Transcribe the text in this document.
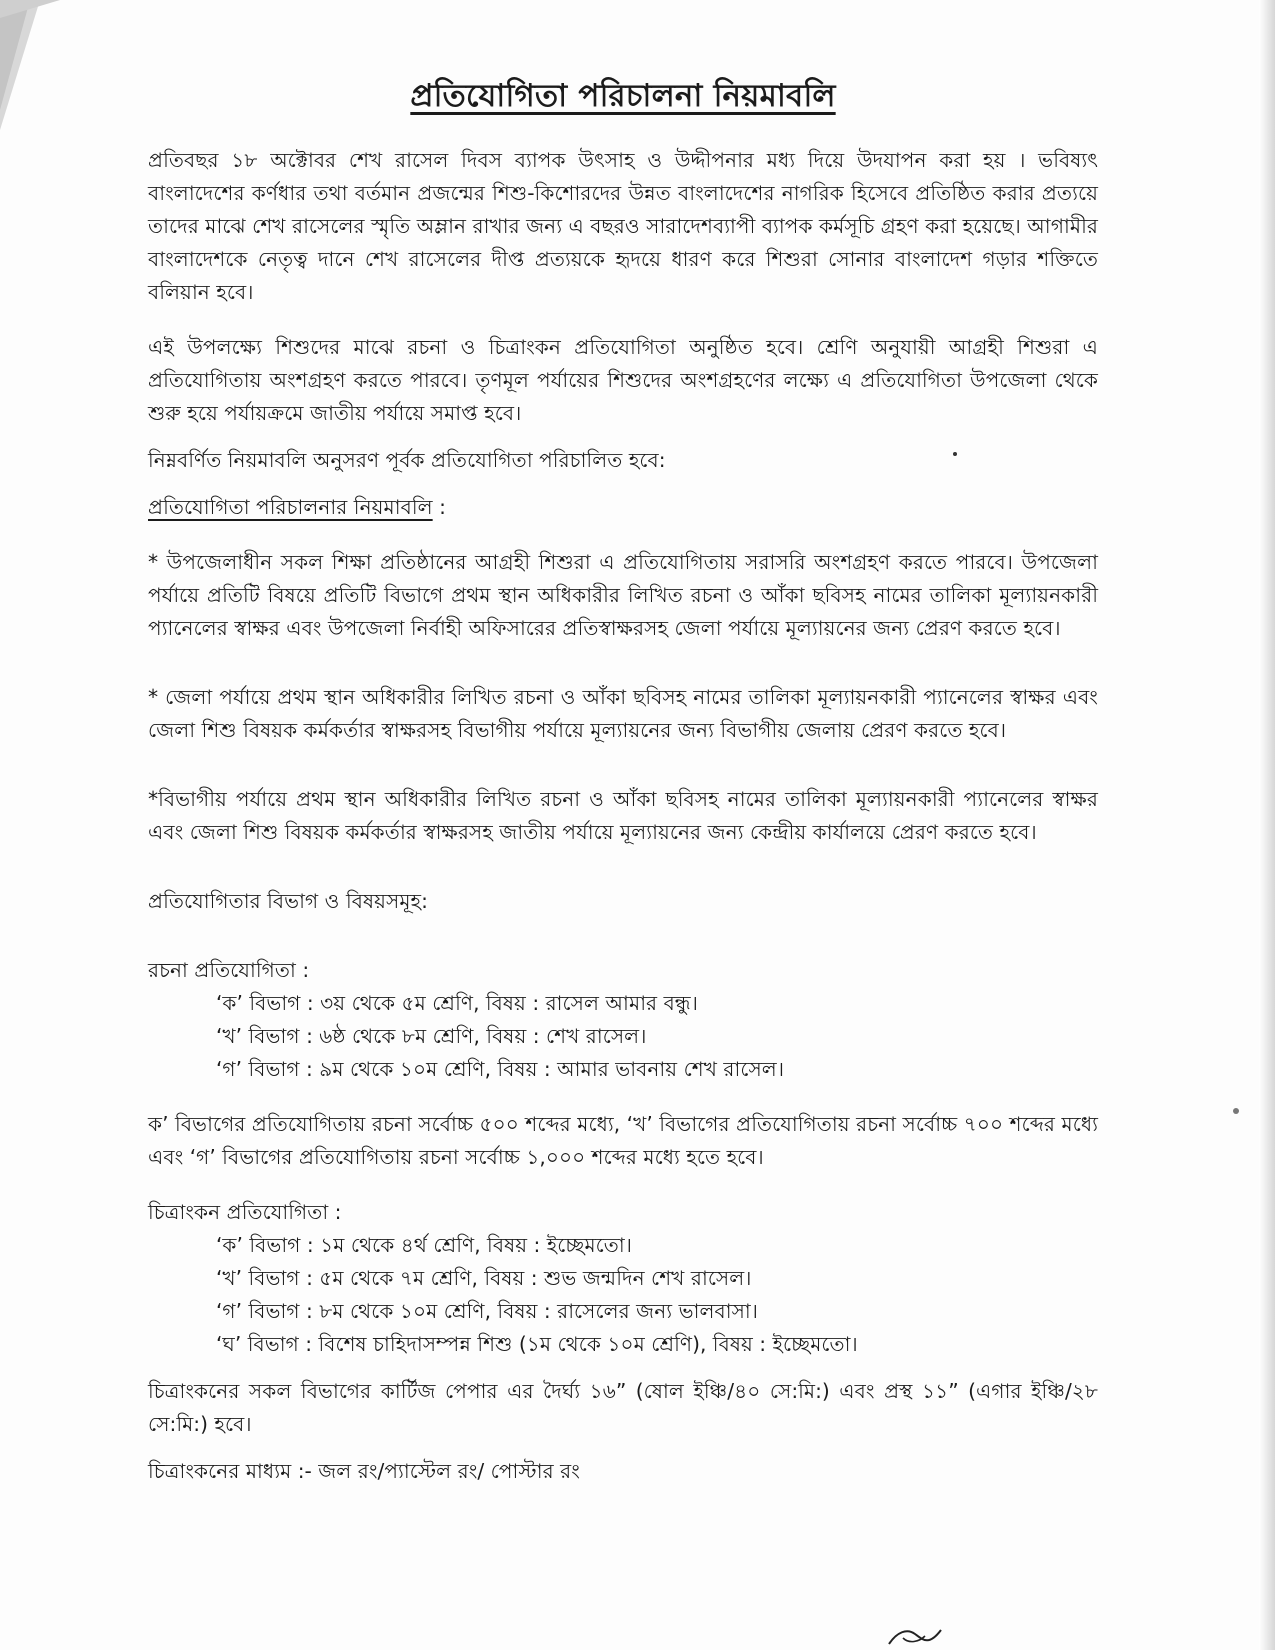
প্রতিযোগিতা পরিচালনা নিয়মাবলি

প্রতিবছর ১৮ অক্টোবর শেখ রাসেল দিবস ব্যাপক উৎসাহ ও উদ্দীপনার মধ্য দিয়ে উদযাপন করা হয় । ভবিষ্যৎ বাংলাদেশের কর্ণধার তথা বর্তমান প্রজন্মের শিশু-কিশোরদের উন্নত বাংলাদেশের নাগরিক হিসেবে প্রতিষ্ঠিত করার প্রত্যয়ে তাদের মাঝে শেখ রাসেলের স্মৃতি অম্লান রাখার জন্য এ বছরও সারাদেশব্যাপী ব্যাপক কর্মসূচি গ্রহণ করা হয়েছে। আগামীর বাংলাদেশকে নেতৃত্ব দানে শেখ রাসেলের দীপ্ত প্রত্যয়কে হৃদয়ে ধারণ করে শিশুরা সোনার বাংলাদেশ গড়ার শক্তিতে বলিয়ান হবে।

এই উপলক্ষ্যে শিশুদের মাঝে রচনা ও চিত্রাংকন প্রতিযোগিতা অনুষ্ঠিত হবে। শ্রেণি অনুযায়ী আগ্রহী শিশুরা এ প্রতিযোগিতায় অংশগ্রহণ করতে পারবে। তৃণমূল পর্যায়ের শিশুদের অংশগ্রহণের লক্ষ্যে এ প্রতিযোগিতা উপজেলা থেকে শুরু হয়ে পর্যায়ক্রমে জাতীয় পর্যায়ে সমাপ্ত হবে।

নিম্নবর্ণিত নিয়মাবলি অনুসরণ পূর্বক প্রতিযোগিতা পরিচালিত হবে:

প্রতিযোগিতা পরিচালনার নিয়মাবলি :

* উপজেলাধীন সকল শিক্ষা প্রতিষ্ঠানের আগ্রহী শিশুরা এ প্রতিযোগিতায় সরাসরি অংশগ্রহণ করতে পারবে। উপজেলা পর্যায়ে প্রতিটি বিষয়ে প্রতিটি বিভাগে প্রথম স্থান অধিকারীর লিখিত রচনা ও আঁকা ছবিসহ নামের তালিকা মূল্যায়নকারী প্যানেলের স্বাক্ষর এবং উপজেলা নির্বাহী অফিসারের প্রতিস্বাক্ষরসহ জেলা পর্যায়ে মূল্যায়নের জন্য প্রেরণ করতে হবে।

* জেলা পর্যায়ে প্রথম স্থান অধিকারীর লিখিত রচনা ও আঁকা ছবিসহ নামের তালিকা মূল্যায়নকারী প্যানেলের স্বাক্ষর এবং জেলা শিশু বিষয়ক কর্মকর্তার স্বাক্ষরসহ বিভাগীয় পর্যায়ে মূল্যায়নের জন্য বিভাগীয় জেলায় প্রেরণ করতে হবে।

*বিভাগীয় পর্যায়ে প্রথম স্থান অধিকারীর লিখিত রচনা ও আঁকা ছবিসহ নামের তালিকা মূল্যায়নকারী প্যানেলের স্বাক্ষর এবং জেলা শিশু বিষয়ক কর্মকর্তার স্বাক্ষরসহ জাতীয় পর্যায়ে মূল্যায়নের জন্য কেন্দ্রীয় কার্যালয়ে প্রেরণ করতে হবে।

প্রতিযোগিতার বিভাগ ও বিষয়সমূহ:

রচনা প্রতিযোগিতা :

‘ক’ বিভাগ : ৩য় থেকে ৫ম শ্রেণি, বিষয় : রাসেল আমার বন্ধু।
‘খ’ বিভাগ : ৬ষ্ঠ থেকে ৮ম শ্রেণি, বিষয় : শেখ রাসেল।
‘গ’ বিভাগ : ৯ম থেকে ১০ম শ্রেণি, বিষয় : আমার ভাবনায় শেখ রাসেল।

ক’ বিভাগের প্রতিযোগিতায় রচনা সর্বোচ্চ ৫০০ শব্দের মধ্যে, ‘খ’ বিভাগের প্রতিযোগিতায় রচনা সর্বোচ্চ ৭০০ শব্দের মধ্যে এবং ‘গ’ বিভাগের প্রতিযোগিতায় রচনা সর্বোচ্চ ১,০০০ শব্দের মধ্যে হতে হবে।

চিত্রাংকন প্রতিযোগিতা :

‘ক’ বিভাগ : ১ম থেকে ৪র্থ শ্রেণি, বিষয় : ইচ্ছেমতো।
‘খ’ বিভাগ : ৫ম থেকে ৭ম শ্রেণি, বিষয় : শুভ জন্মদিন শেখ রাসেল।
‘গ’ বিভাগ : ৮ম থেকে ১০ম শ্রেণি, বিষয় : রাসেলের জন্য ভালবাসা।
‘ঘ’ বিভাগ : বিশেষ চাহিদাসম্পন্ন শিশু (১ম থেকে ১০ম শ্রেণি), বিষয় : ইচ্ছেমতো।

চিত্রাংকনের সকল বিভাগের কার্টিজ পেপার এর দৈর্ঘ্য ১৬” (ষোল ইঞ্চি/৪০ সে:মি:) এবং প্রস্থ ১১” (এগার ইঞ্চি/২৮ সে:মি:) হবে।

চিত্রাংকনের মাধ্যম :- জল রং/প্যাস্টেল রং/ পোস্টার রং
